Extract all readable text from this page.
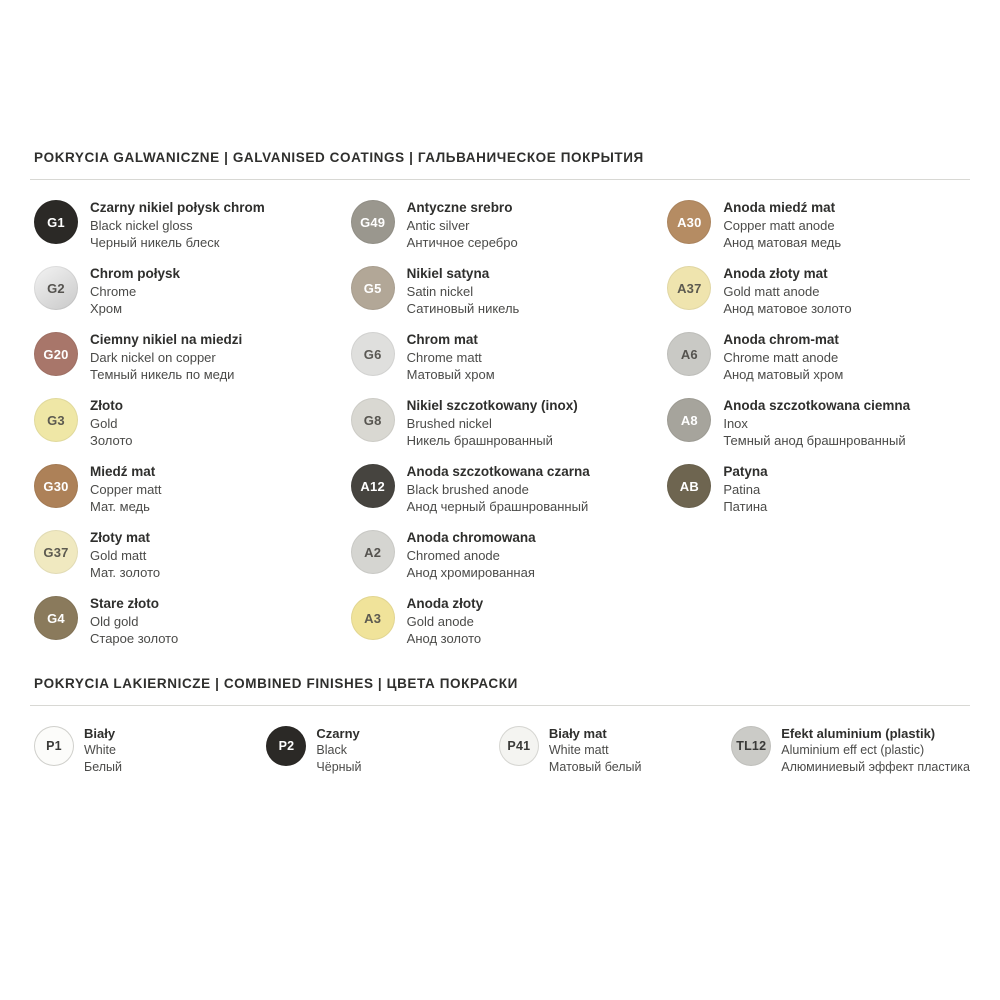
POKRYCIA GALWANICZNE | GALVANISED COATINGS | ГАЛЬВАНИЧЕСКОЕ ПОКРЫТИЯ
G1
Czarny nikiel połysk chrom
Black nickel gloss
Черный никель блеск
G49
Antyczne srebro
Antic silver
Античное серебро
A30
Anoda miedź mat
Copper matt anode
Анод матовая медь
G2
Chrom połysk
Chrome
Хром
G5
Nikiel satyna
Satin nickel
Сатиновый никель
A37
Anoda złoty mat
Gold matt anode
Анод матовое золото
G20
Ciemny nikiel na miedzi
Dark nickel on copper
Темный никель по меди
G6
Chrom mat
Chrome matt
Матовый хром
A6
Anoda chrom-mat
Chrome matt anode
Анод матовый хром
G3
Złoto
Gold
Золото
G8
Nikiel szczotkowany (inox)
Brushed nickel
Никель брашнрованный
A8
Anoda szczotkowana ciemna
Inox
Темный анод брашнрованный
G30
Miedź mat
Copper matt
Мат. медь
A12
Anoda szczotkowana czarna
Black brushed anode
Анод черный брашнрованный
AB
Patyna
Patina
Патина
G37
Złoty mat
Gold matt
Мат. золото
A2
Anoda chromowana
Chromed anode
Анод хромированная
G4
Stare złoto
Old gold
Старое золото
A3
Anoda złoty
Gold anode
Анод золото
POKRYCIA LAKIERNICZE | COMBINED FINISHES | ЦВЕТА ПОКРАСКИ
P1
Biały
White
Белый
P2
Czarny
Black
Чёрный
P41
Biały mat
White matt
Матовый белый
TL12
Efekt aluminium (plastik)
Aluminium eff ect (plastic)
Алюминиевый эффект пластика
